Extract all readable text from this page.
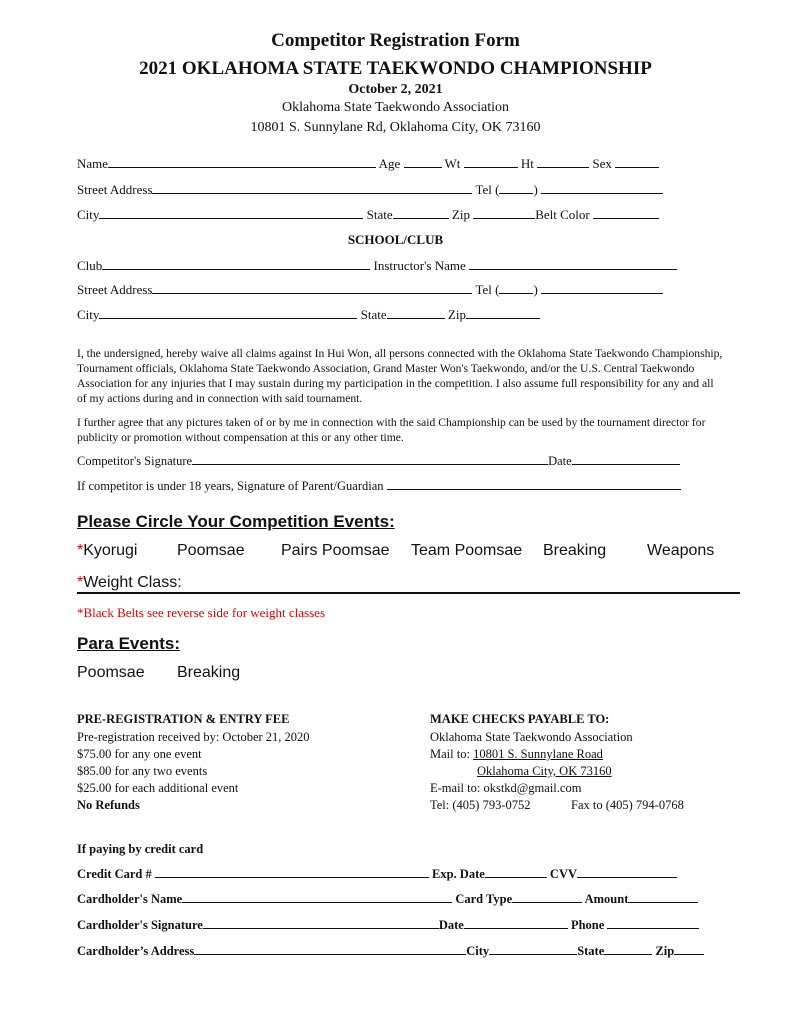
Competitor Registration Form
2021 OKLAHOMA STATE TAEKWONDO CHAMPIONSHIP
October 2, 2021
Oklahoma State Taekwondo Association
10801 S. Sunnylane Rd, Oklahoma City, OK 73160
Name	Age	Wt	Ht	Sex
Street Address	Tel (	)
City	State	Zip	Belt Color
SCHOOL/CLUB
Club	Instructor's Name
Street Address	Tel (	)
City	State	Zip
I, the undersigned, hereby waive all claims against In Hui Won, all persons connected with the Oklahoma State Taekwondo Championship, Tournament officials, Oklahoma State Taekwondo Association, Grand Master Won's Taekwondo, and/or the U.S. Central Taekwondo Association for any injuries that I may sustain during my participation in the competition. I also assume full responsibility for any and all of my actions during and in connection with said tournament.
I further agree that any pictures taken of or by me in connection with the said Championship can be used by the tournament director for publicity or promotion without compensation at this or any other time.
Competitor's Signature	Date
If competitor is under 18 years, Signature of Parent/Guardian
Please Circle Your Competition Events:
*Kyorugi Poomsae Pairs Poomsae Team Poomsae Breaking	Weapons
*Weight Class:
*Black Belts see reverse side for weight classes
Para Events:
Poomsae Breaking
PRE-REGISTRATION & ENTRY FEE
Pre-registration received by: October 21, 2020
$75.00 for any one event
$85.00 for any two events
$25.00 for each additional event
No Refunds
MAKE CHECKS PAYABLE TO:
Oklahoma State Taekwondo Association
Mail to: 10801 S. Sunnylane Road
Oklahoma City, OK 73160
E-mail to: okstkd@gmail.com
Tel: (405) 793-0752	Fax to (405) 794-0768
If paying by credit card
Credit Card #	Exp. Date	CVV
Cardholder's Name	Card Type	Amount
Cardholder's Signature	Date	Phone
Cardholder’s Address	City	State	Zip
